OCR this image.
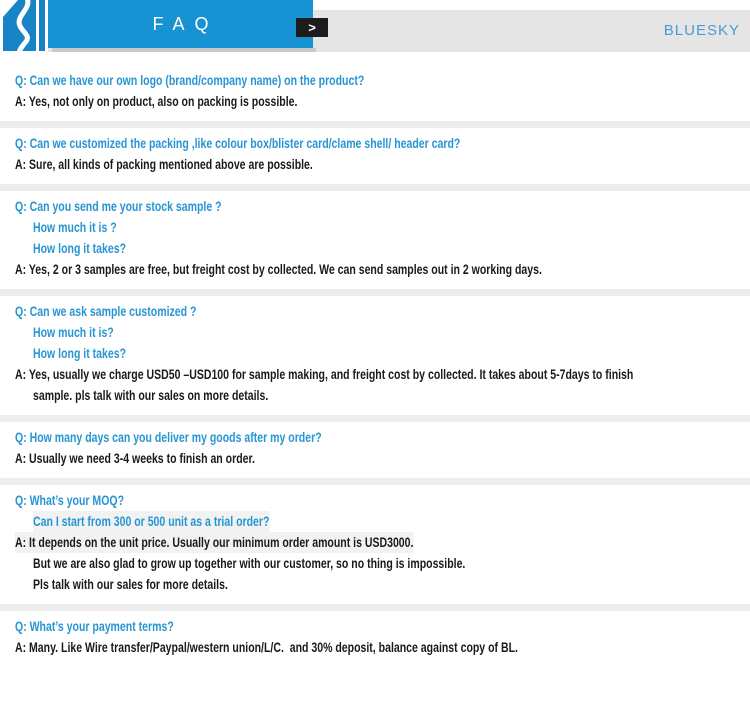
FAQ	>	BLUESKY
Q: Can we have our own logo (brand/company name) on the product?
A: Yes, not only on product, also on packing is possible.
Q: Can we customized the packing ,like colour box/blister card/clame shell/ header card?
A: Sure, all kinds of packing mentioned above are possible.
Q: Can you send me your stock sample ?
How much it is ?
How long it takes?
A: Yes, 2 or 3 samples are free, but freight cost by collected. We can send samples out in 2 working days.
Q: Can we ask sample customized ?
How much it is?
How long it takes?
A: Yes, usually we charge USD50 –USD100 for sample making, and freight cost by collected. It takes about 5-7days to finish
sample. pls talk with our sales on more details.
Q: How many days can you deliver my goods after my order?
A: Usually we need 3-4 weeks to finish an order.
Q: What’s your MOQ?
Can I start from 300 or 500 unit as a trial order?
A: It depends on the unit price. Usually our minimum order amount is USD3000.
But we are also glad to grow up together with our customer, so no thing is impossible.
Pls talk with our sales for more details.
Q: What’s your payment terms?
A: Many. Like Wire transfer/Paypal/western union/L/C.  and 30% deposit, balance against copy of BL.
